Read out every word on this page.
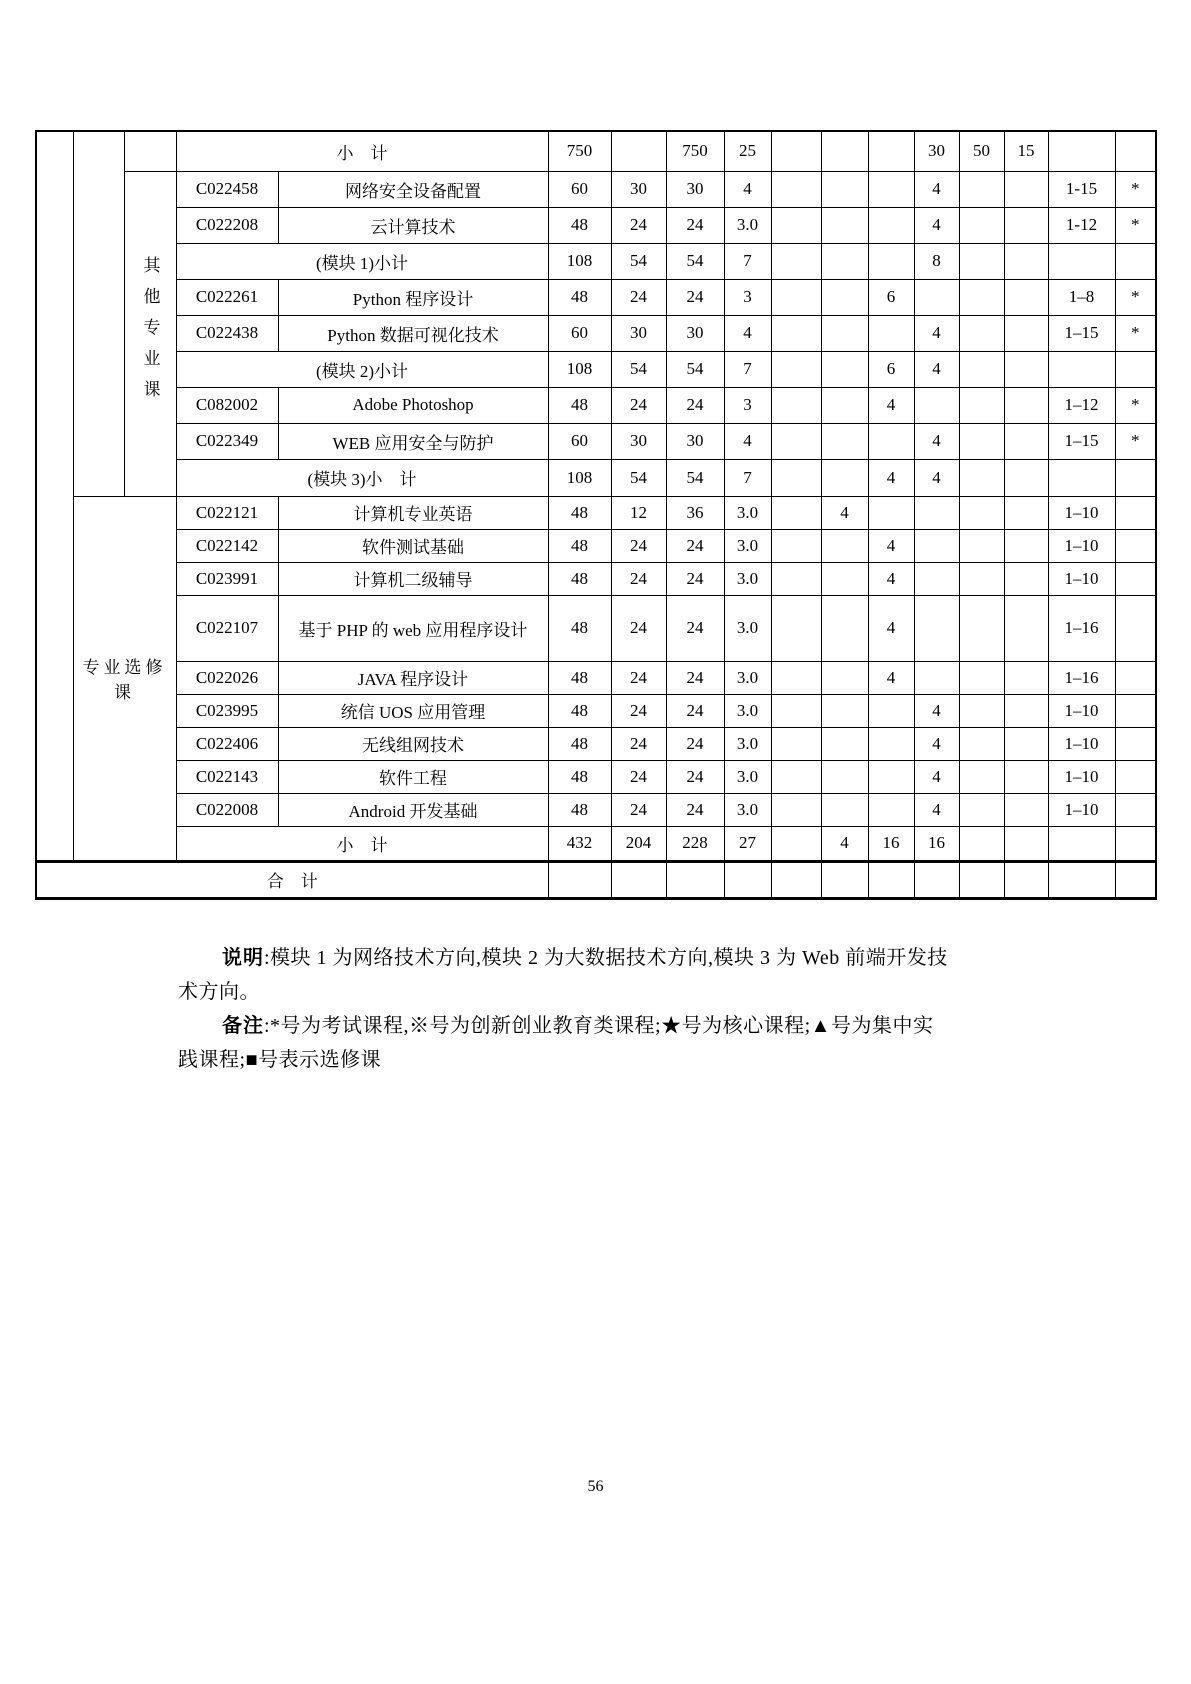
			小　计		750		750	25				30	50	15		
		其他专业课	C022458	网络安全设备配置	60	30	30	4				4			1-15	*
			C022208	云计算技术	48	24	24	3.0				4			1-12	*
			(模块 1)小计		108	54	54	7				8				
			C022261	Python 程序设计	48	24	24	3			6				1–8	*
			C022438	Python 数据可视化技术	60	30	30	4				4			1–15	*
			(模块 2)小计		108	54	54	7			6	4				
			C082002	Adobe Photoshop	48	24	24	3			4				1–12	*
			C022349	WEB 应用安全与防护	60	30	30	4				4			1–15	*
			(模块 3)小　计		108	54	54	7			4	4				
	专业选修课		C022121	计算机专业英语	48	12	36	3.0		4					1–10	
			C022142	软件测试基础	48	24	24	3.0			4				1–10	
			C023991	计算机二级辅导	48	24	24	3.0			4				1–10	
			C022107	基于 PHP 的 web 应用程序设计	48	24	24	3.0			4				1–16	
			C022026	JAVA 程序设计	48	24	24	3.0			4				1–16	
			C023995	统信 UOS 应用管理	48	24	24	3.0				4			1–10	
			C022406	无线组网技术	48	24	24	3.0				4			1–10	
			C022143	软件工程	48	24	24	3.0				4			1–10	
			C022008	Android 开发基础	48	24	24	3.0				4			1–10	
			小　计		432	204	228	27		4	16	16				
合　计																
说明:模块 1 为网络技术方向,模块 2 为大数据技术方向,模块 3 为 Web 前端开发技
术方向。
备注:*号为考试课程,※号为创新创业教育类课程;★号为核心课程;▲号为集中实
践课程;■号表示选修课
56
